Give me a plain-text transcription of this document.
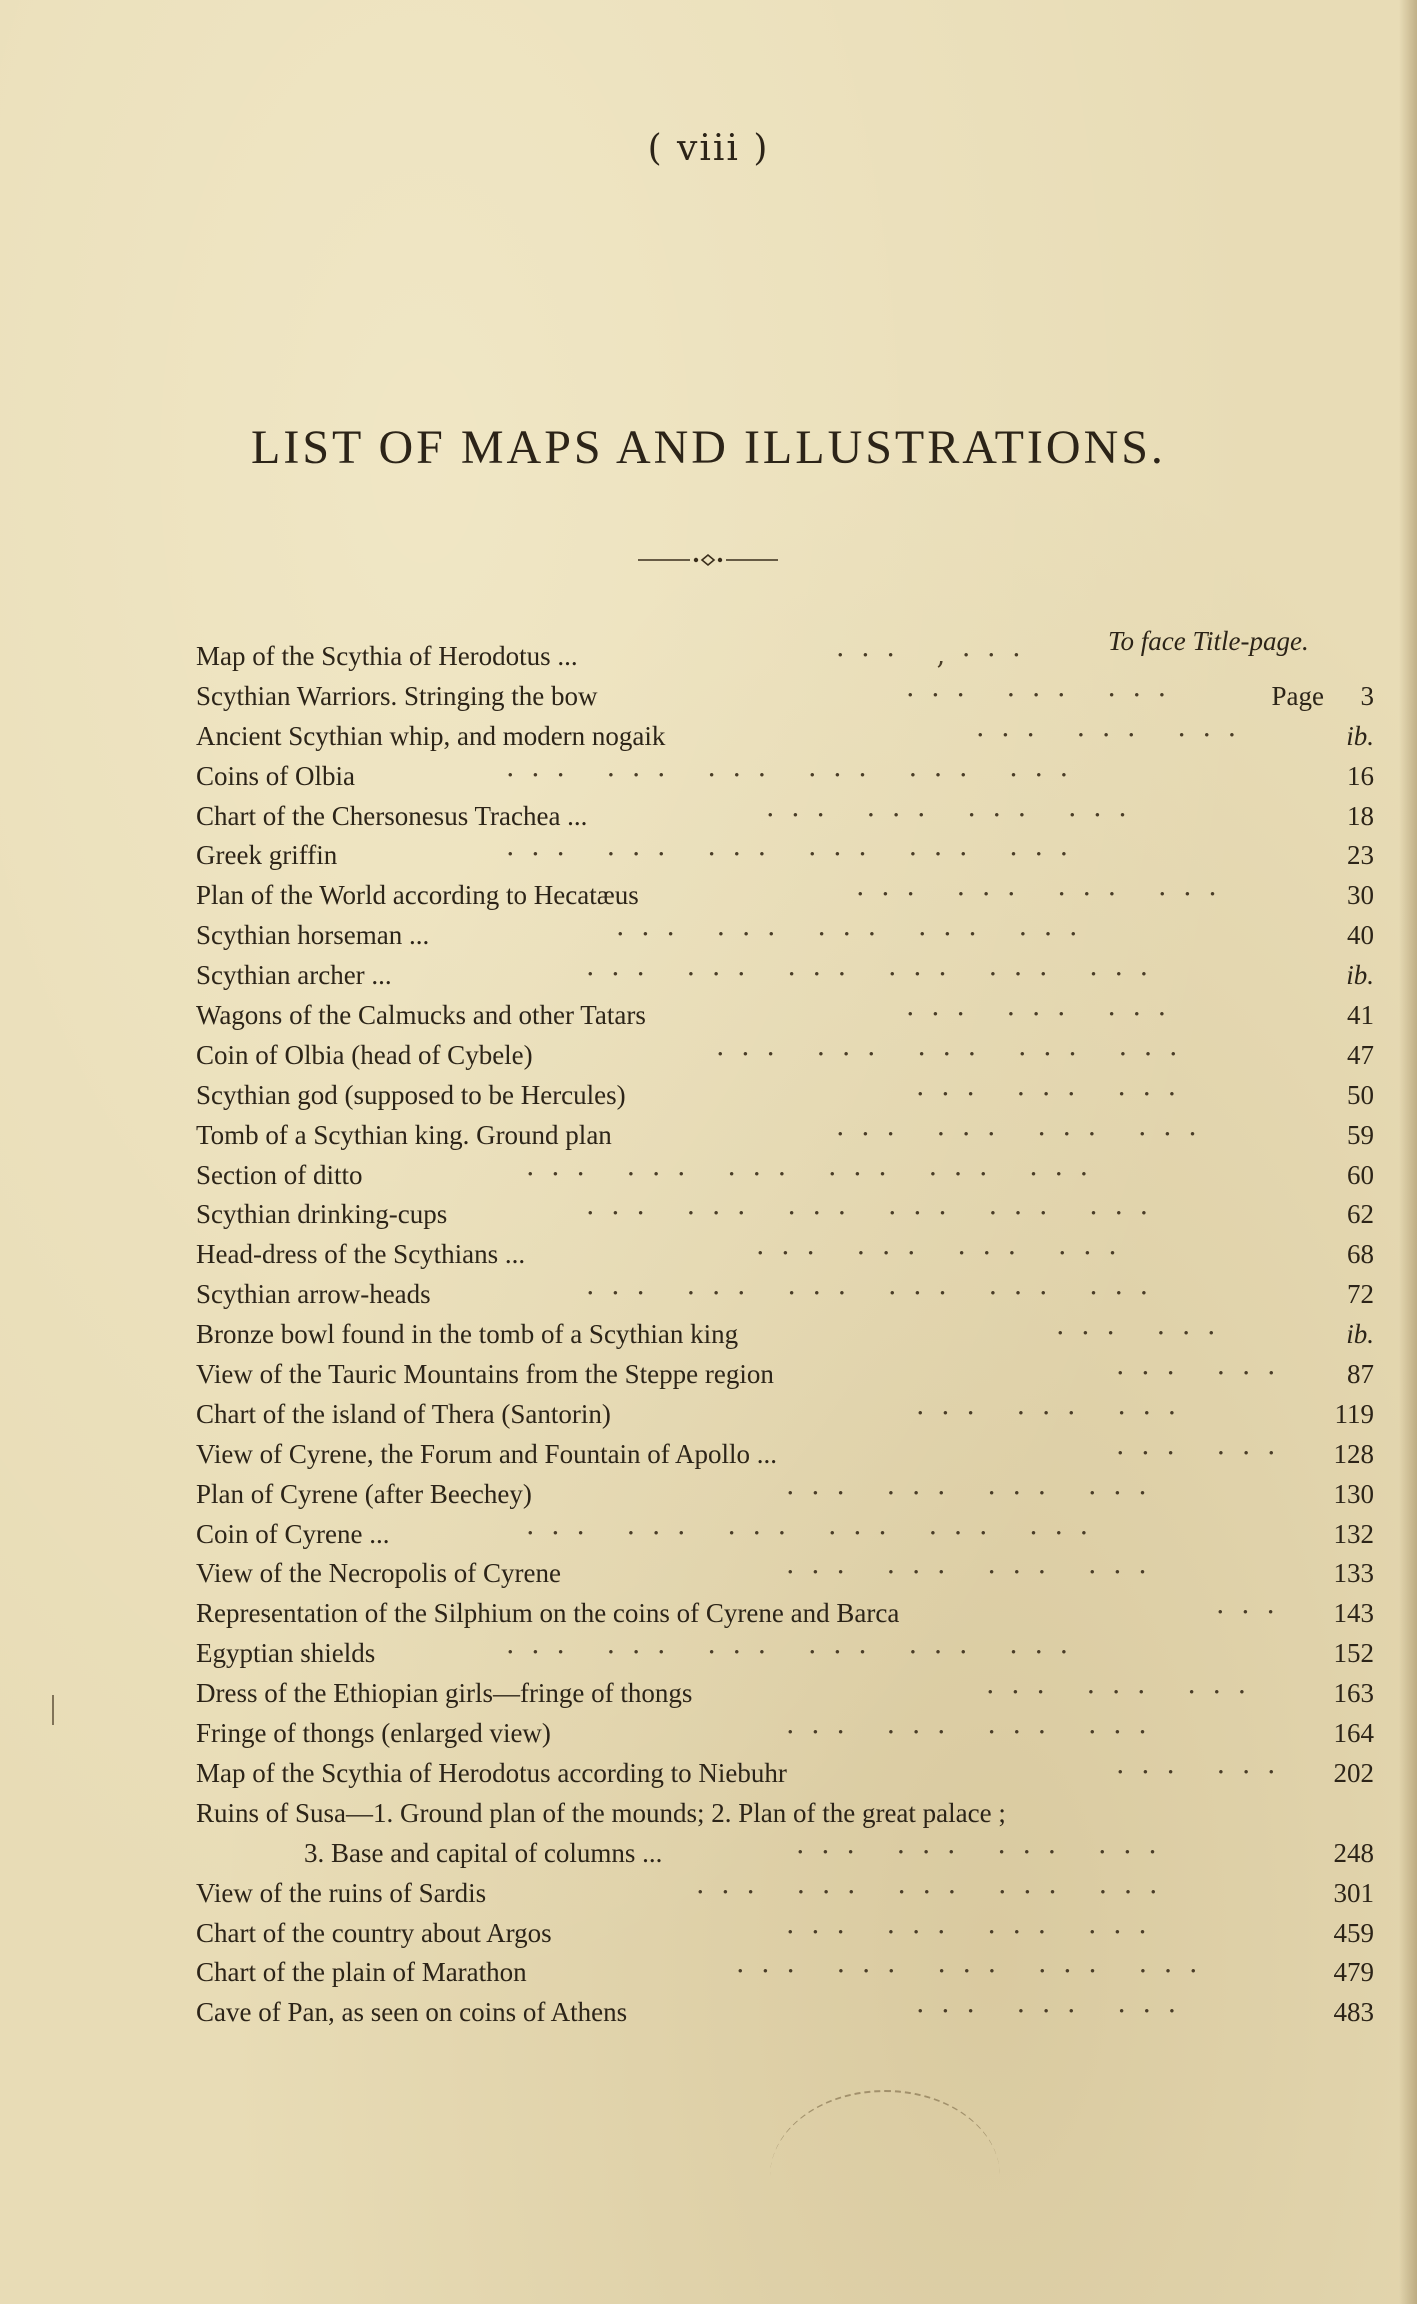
( viii )
LIST OF MAPS AND ILLUSTRATIONS.
To face Title-page.
Map of the Scythia of Herodotus ...	· · ·   , · · ·
Scythian Warriors. Stringing the bow	· · ·   · · ·   · · ·	Page 3
Ancient Scythian whip, and modern nogaik	· · ·   · · ·   · · ·	ib.
Coins of Olbia	· · ·   · · ·   · · ·   · · ·   · · ·   · · ·	16
Chart of the Chersonesus Trachea ...	· · ·   · · ·   · · ·   · · ·	18
Greek griffin	· · ·   · · ·   · · ·   · · ·   · · ·   · · ·	23
Plan of the World according to Hecatæus	· · ·   · · ·   · · ·   · · ·	30
Scythian horseman ...	· · ·   · · ·   · · ·   · · ·   · · ·	40
Scythian archer ...	· · ·   · · ·   · · ·   · · ·   · · ·   · · ·	ib.
Wagons of the Calmucks and other Tatars	· · ·   · · ·   · · ·	41
Coin of Olbia (head of Cybele)	· · ·   · · ·   · · ·   · · ·   · · ·	47
Scythian god (supposed to be Hercules)	· · ·   · · ·   · · ·	50
Tomb of a Scythian king. Ground plan	· · ·   · · ·   · · ·   · · ·	59
Section of ditto	· · ·   · · ·   · · ·   · · ·   · · ·   · · ·	60
Scythian drinking-cups	· · ·   · · ·   · · ·   · · ·   · · ·   · · ·	62
Head-dress of the Scythians ...	· · ·   · · ·   · · ·   · · ·	68
Scythian arrow-heads	· · ·   · · ·   · · ·   · · ·   · · ·   · · ·	72
Bronze bowl found in the tomb of a Scythian king	· · ·   · · ·	ib.
View of the Tauric Mountains from the Steppe region	· · ·   · · · 87
Chart of the island of Thera (Santorin)	· · ·   · · ·   · · ·	119
View of Cyrene, the Forum and Fountain of Apollo ...	· · ·   · · · 128
Plan of Cyrene (after Beechey)	· · ·   · · ·   · · ·   · · ·	130
Coin of Cyrene ...	· · ·   · · ·   · · ·   · · ·   · · ·   · · ·	132
View of the Necropolis of Cyrene	· · ·   · · ·   · · ·   · · ·	133
Representation of the Silphium on the coins of Cyrene and Barca	· · · 143
Egyptian shields	· · ·   · · ·   · · ·   · · ·   · · ·   · · ·	152
Dress of the Ethiopian girls—fringe of thongs	· · ·   · · ·   · · ·	163
Fringe of thongs (enlarged view)	· · ·   · · ·   · · ·   · · ·	164
Map of the Scythia of Herodotus according to Niebuhr	· · ·   · · · 202
Ruins of Susa—1. Ground plan of the mounds; 2. Plan of the great palace ;
3. Base and capital of columns ...	· · ·   · · ·   · · ·   · · ·	248
View of the ruins of Sardis	· · ·   · · ·   · · ·   · · ·   · · ·	301
Chart of the country about Argos	· · ·   · · ·   · · ·   · · ·	459
Chart of the plain of Marathon	· · ·   · · ·   · · ·   · · ·   · · ·	479
Cave of Pan, as seen on coins of Athens	· · ·   · · ·   · · ·	483
